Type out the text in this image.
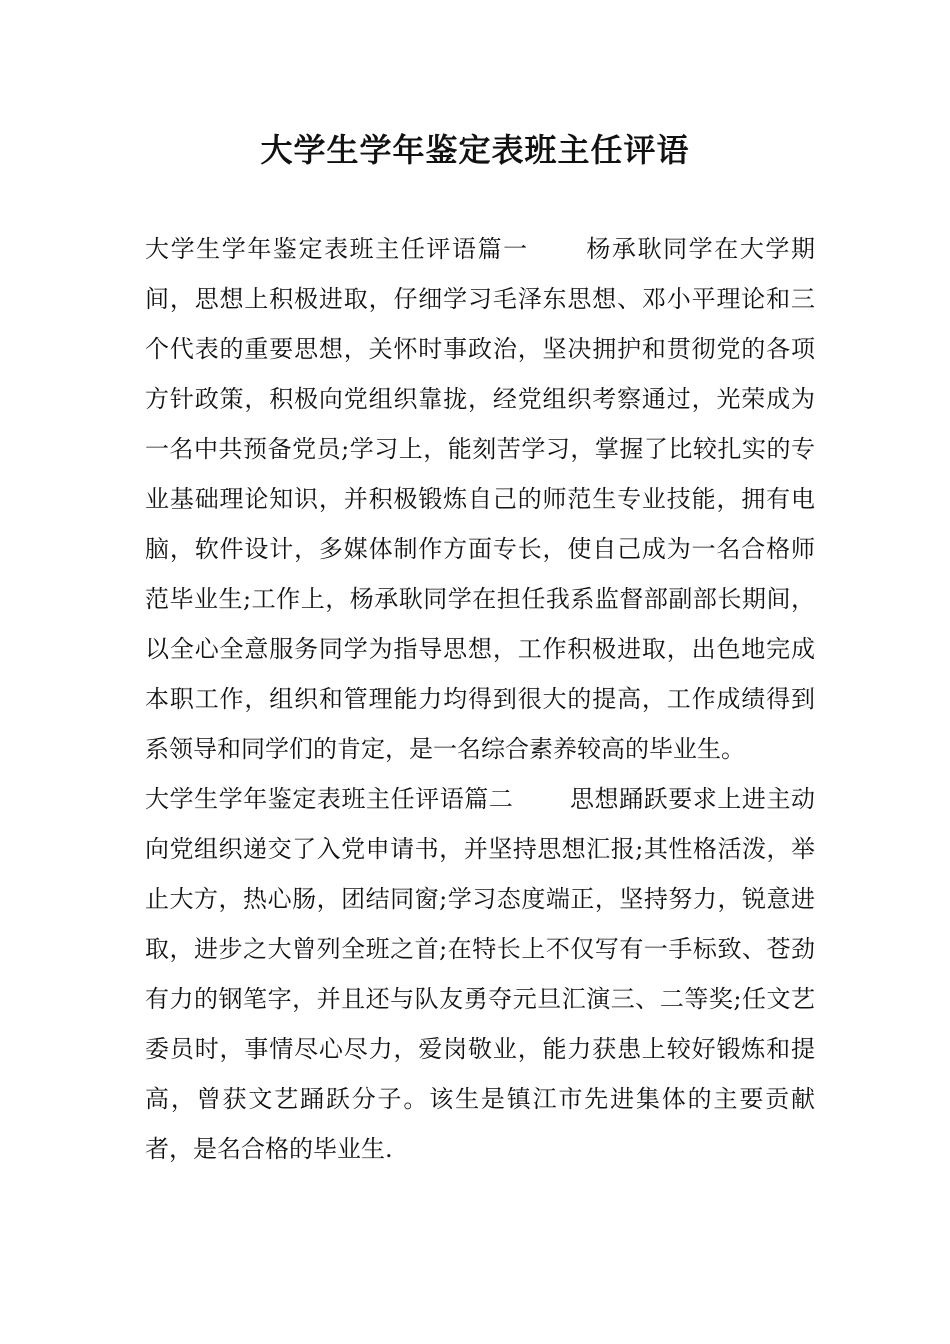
大学生学年鉴定表班主任评语

大学生学年鉴定表班主任评语篇一 杨承耿同学在大学期间，思想上积极进取，仔细学习毛泽东思想、邓小平理论和三个代表的重要思想，关怀时事政治，坚决拥护和贯彻党的各项方针政策，积极向党组织靠拢，经党组织考察通过，光荣成为一名中共预备党员;学习上，能刻苦学习，掌握了比较扎实的专业基础理论知识，并积极锻炼自己的师范生专业技能，拥有电脑，软件设计，多媒体制作方面专长，使自己成为一名合格师范毕业生;工作上，杨承耿同学在担任我系监督部副部长期间，以全心全意服务同学为指导思想，工作积极进取，出色地完成本职工作，组织和管理能力均得到很大的提高，工作成绩得到系领导和同学们的肯定，是一名综合素养较高的毕业生。

大学生学年鉴定表班主任评语篇二 思想踊跃要求上进主动向党组织递交了入党申请书，并坚持思想汇报;其性格活泼，举止大方，热心肠，团结同窗;学习态度端正，坚持努力，锐意进取，进步之大曾列全班之首;在特长上不仅写有一手标致、苍劲有力的钢笔字，并且还与队友勇夺元旦汇演三、二等奖;任文艺委员时，事情尽心尽力，爱岗敬业，能力获患上较好锻炼和提高，曾获文艺踊跃分子。该生是镇江市先进集体的主要贡献者，是名合格的毕业生.
